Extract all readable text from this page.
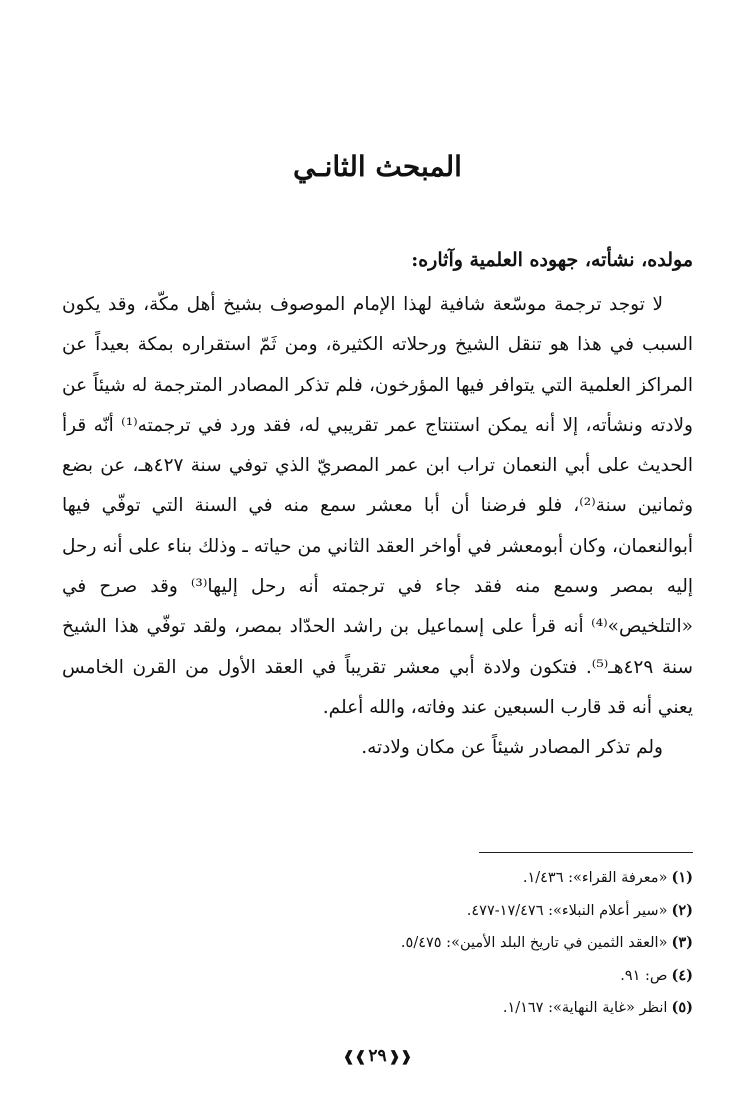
المبحث الثانـي
مولده، نشأته، جهوده العلمية وآثاره:

لا توجد ترجمة موسّعة شافية لهذا الإمام الموصوف بشيخ أهل مكّة، وقد يكون السبب في هذا هو تنقل الشيخ ورحلاته الكثيرة، ومن ثَمّ استقراره بمكة بعيداً عن المراكز العلمية التي يتوافر فيها المؤرخون، فلم تذكر المصادر المترجمة له شيئاً عن ولادته ونشأته، إلا أنه يمكن استنتاج عمر تقريبي له، فقد ورد في ترجمته⁽¹⁾ أنّه قرأ الحديث على أبي النعمان تراب ابن عمر المصريّ الذي توفي سنة ٤٢٧هـ، عن بضع وثمانين سنة⁽²⁾، فلو فرضنا أن أبا معشر سمع منه في السنة التي توفّي فيها أبوالنعمان، وكان أبومعشر في أواخر العقد الثاني من حياته ـ وذلك بناء على أنه رحل إليه بمصر وسمع منه فقد جاء في ترجمته أنه رحل إليها⁽³⁾ وقد صرح في «التلخيص»⁽⁴⁾ أنه قرأ على إسماعيل بن راشد الحدّاد بمصر، ولقد توفّي هذا الشيخ سنة ٤٢٩هـ⁽⁵⁾. فتكون ولادة أبي معشر تقريباً في العقد الأول من القرن الخامس يعني أنه قد قارب السبعين عند وفاته، والله أعلم.

ولم تذكر المصادر شيئاً عن مكان ولادته.

(١)«معرفة القراء»: ١/٤٣٦.
(٢)«سير أعلام النبلاء»: ١٧/٤٧٦-٤٧٧.
(٣)«العقد الثمين في تاريخ البلد الأمين»: ٥/٤٧٥.
(٤)ص: ٩١.
(٥)انظر «غاية النهاية»: ١/١٦٧.
❰❰ ٢٩ ❱❱
